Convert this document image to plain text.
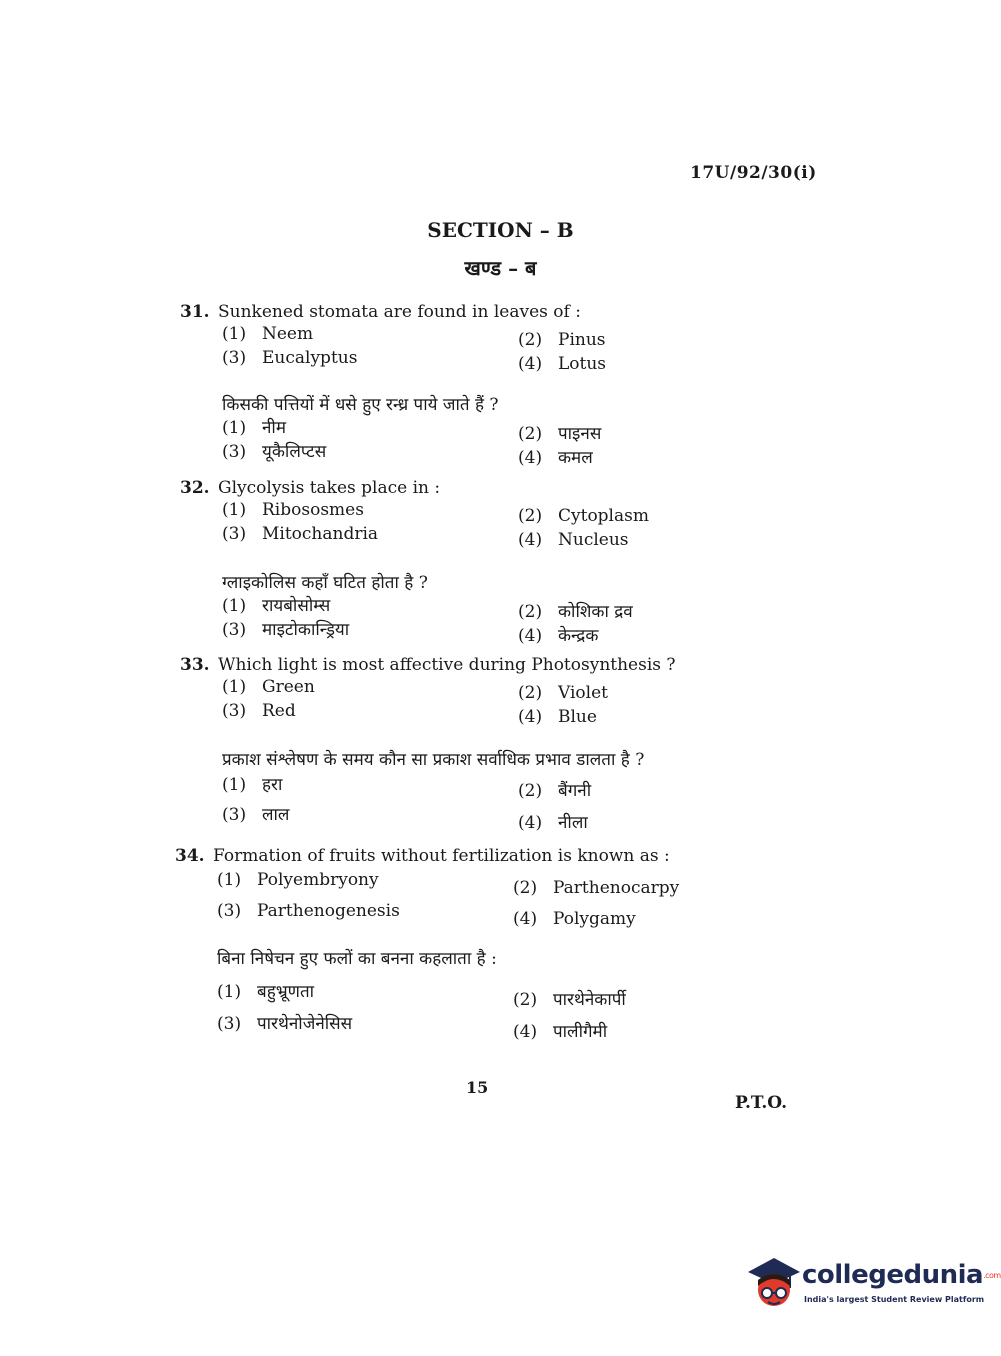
17U/92/30(i)
SECTION – B
खण्ड – ब
31. Sunkened stomata are found in leaves of :
(1) Neem	(2) Pinus
(3) Eucalyptus	(4) Lotus
किसकी पत्तियों में धसे हुए रन्ध्र पाये जाते हैं ?
(1) नीम	(2) पाइनस
(3) यूकैलिप्टस	(4) कमल
32. Glycolysis takes place in :
(1) Ribososmes	(2) Cytoplasm
(3) Mitochandria	(4) Nucleus
ग्लाइकोलिस कहाँ घटित होता है ?
(1) रायबोसोम्स	(2) कोशिका द्रव
(3) माइटोकान्ड्रिया	(4) केन्द्रक
33. Which light is most affective during Photosynthesis ?
(1) Green	(2) Violet
(3) Red	(4) Blue
प्रकाश संश्लेषण के समय कौन सा प्रकाश सर्वाधिक प्रभाव डालता है ?
(1) हरा	(2) बैंगनी
(3) लाल	(4) नीला
34. Formation of fruits without fertilization is known as :
(1) Polyembryony	(2) Parthenocarpy
(3) Parthenogenesis	(4) Polygamy
बिना निषेचन हुए फलों का बनना कहलाता है :
(1) बहुभ्रूणता	(2) पारथेनेकार्पी
(3) पारथेनोजेनेसिस	(4) पालीगैमी
15
P.T.O.
collegedunia.com
India's largest Student Review Platform
